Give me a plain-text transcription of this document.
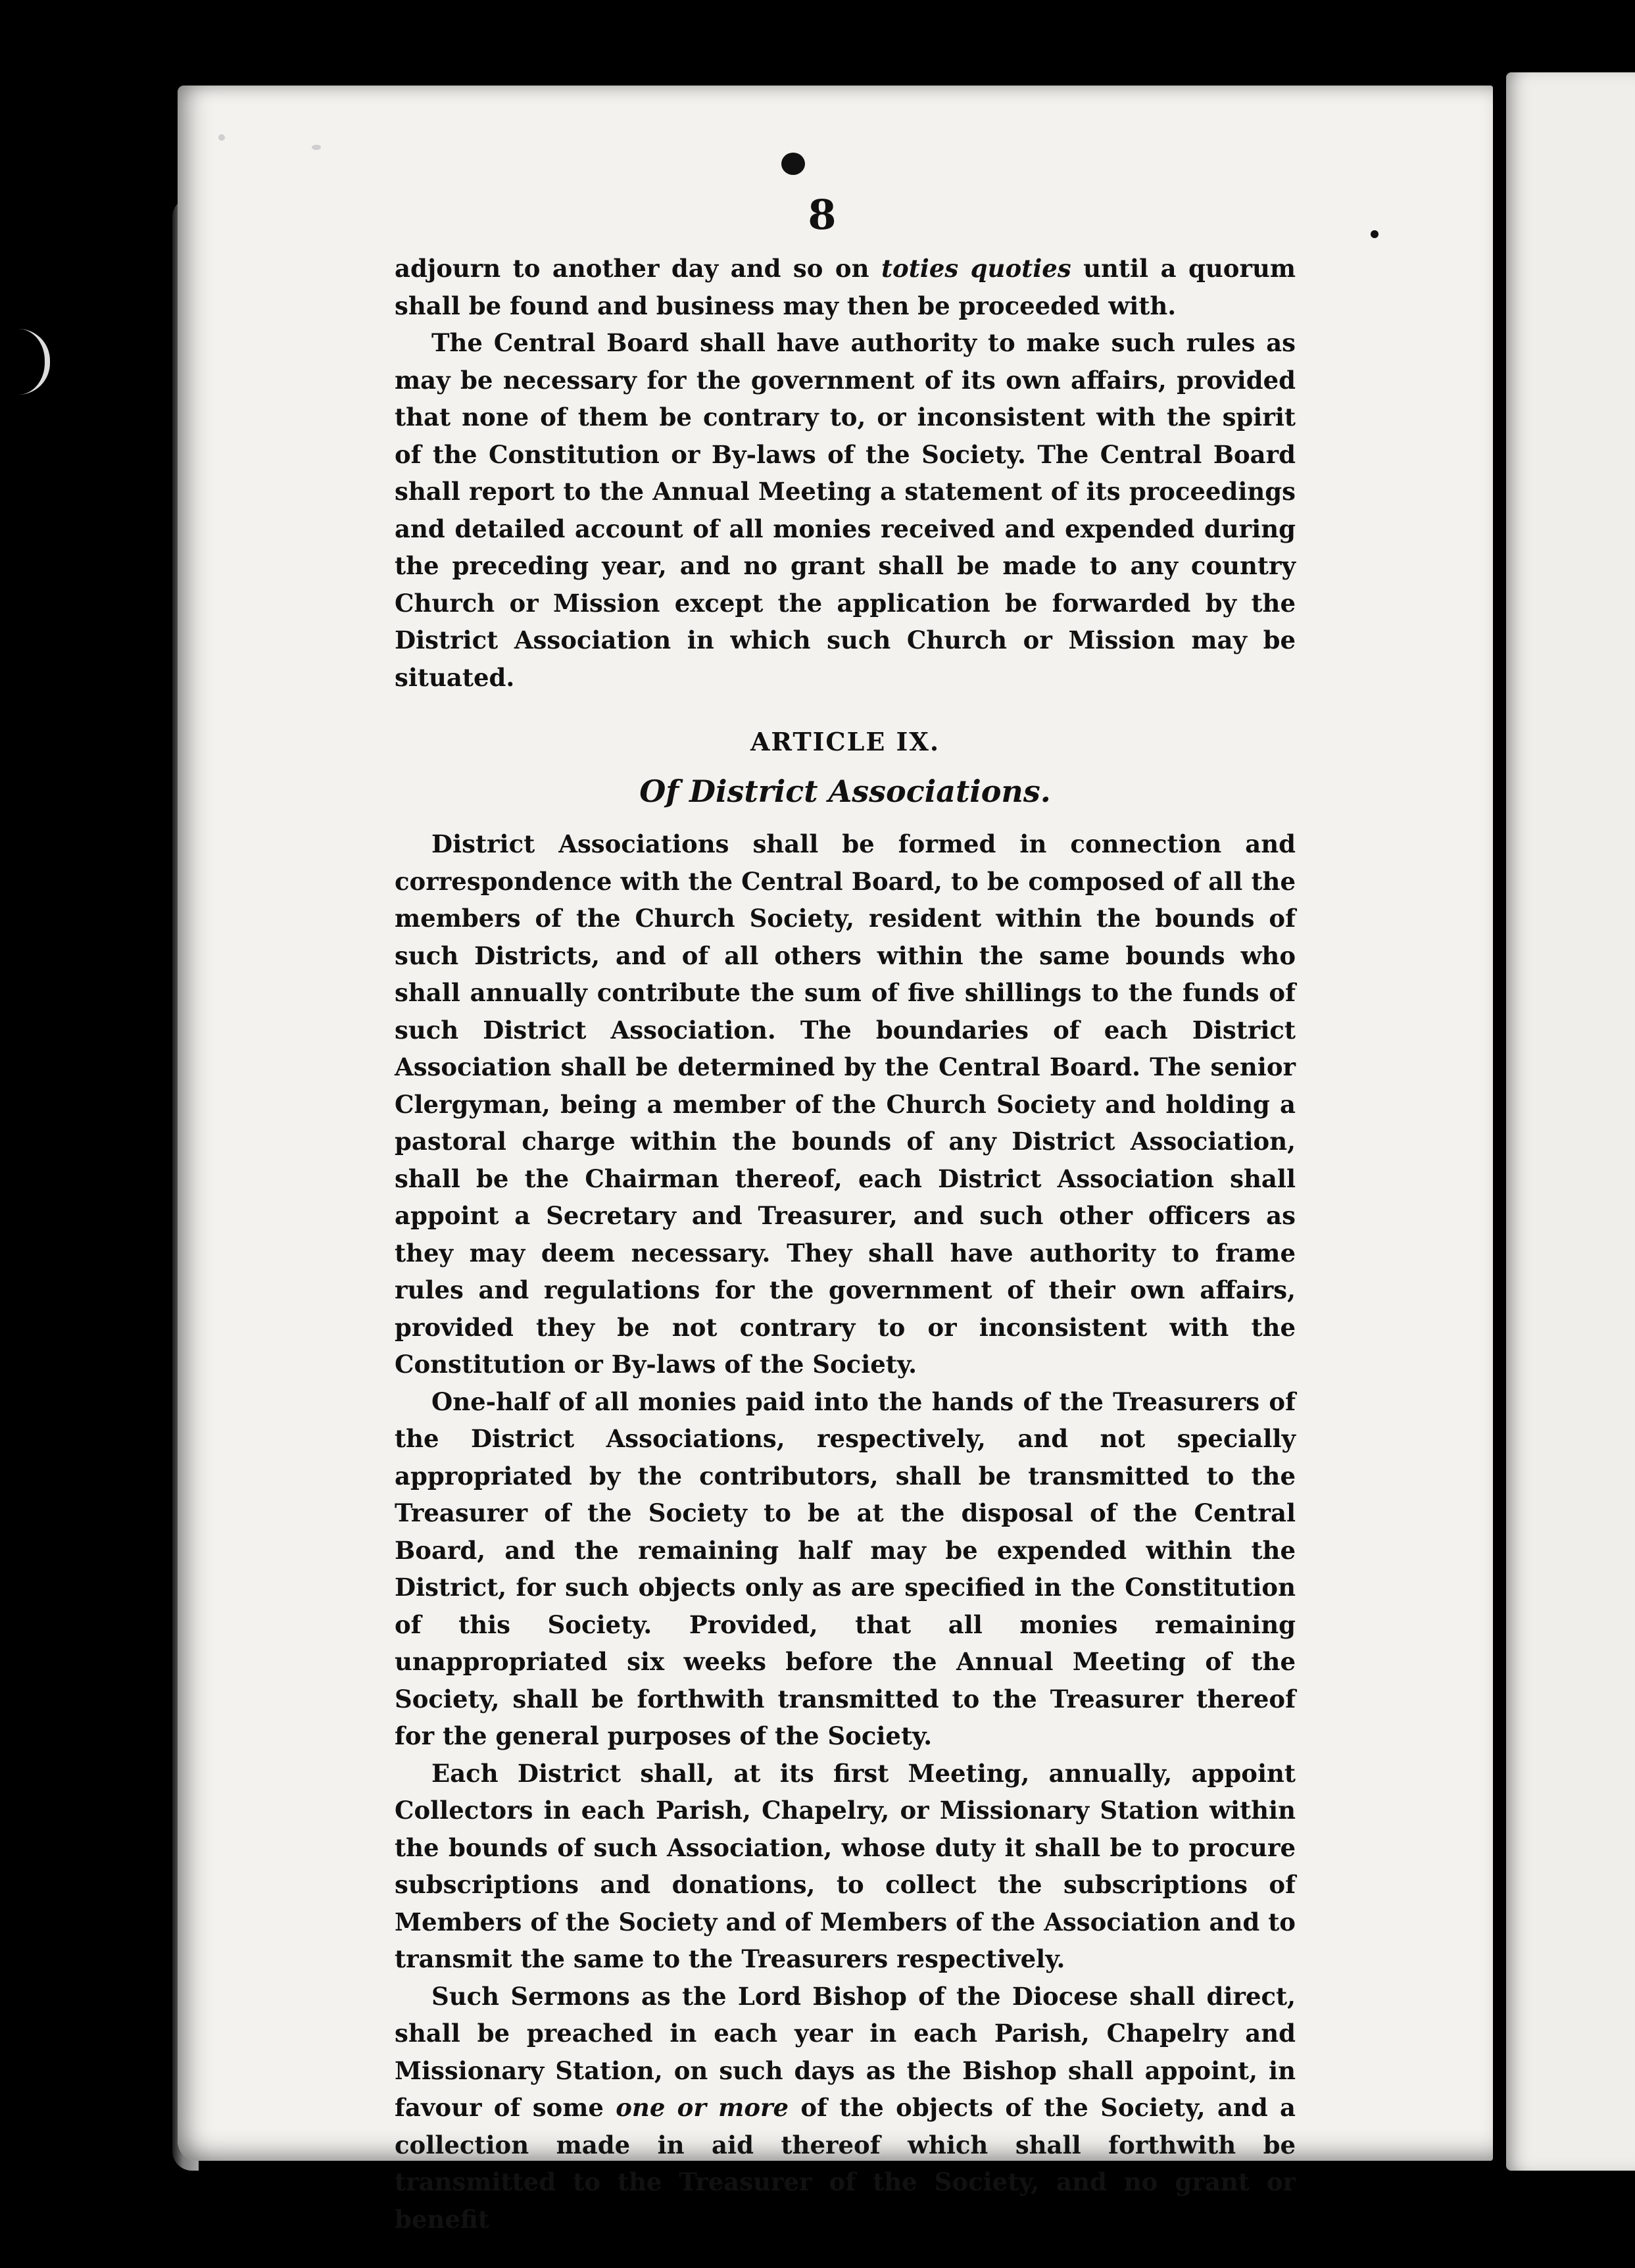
8

adjourn to another day and so on toties quoties until a quorum shall be found and business may then be proceeded with.

The Central Board shall have authority to make such rules as may be necessary for the government of its own affairs, provided that none of them be contrary to, or inconsistent with the spirit of the Constitution or By-laws of the Society. The Central Board shall report to the Annual Meeting a statement of its proceedings and detailed account of all monies received and expended during the preceding year, and no grant shall be made to any country Church or Mission except the application be forwarded by the District Association in which such Church or Mission may be situated.

ARTICLE IX.

Of District Associations.

District Associations shall be formed in connection and correspondence with the Central Board, to be composed of all the members of the Church Society, resident within the bounds of such Districts, and of all others within the same bounds who shall annually contribute the sum of five shillings to the funds of such District Association. The boundaries of each District Association shall be determined by the Central Board. The senior Clergyman, being a member of the Church Society and holding a pastoral charge within the bounds of any District Association, shall be the Chairman thereof, each District Association shall appoint a Secretary and Treasurer, and such other officers as they may deem necessary. They shall have authority to frame rules and regulations for the government of their own affairs, provided they be not contrary to or inconsistent with the Constitution or By-laws of the Society.

One-half of all monies paid into the hands of the Treasurers of the District Associations, respectively, and not specially appropriated by the contributors, shall be transmitted to the Treasurer of the Society to be at the disposal of the Central Board, and the remaining half may be expended within the District, for such objects only as are specified in the Constitution of this Society. Provided, that all monies remaining unappropriated six weeks before the Annual Meeting of the Society, shall be forthwith transmitted to the Treasurer thereof for the general purposes of the Society.

Each District shall, at its first Meeting, annually, appoint Collectors in each Parish, Chapelry, or Missionary Station within the bounds of such Association, whose duty it shall be to procure subscriptions and donations, to collect the subscriptions of Members of the Society and of Members of the Association and to transmit the same to the Treasurers respectively.

Such Sermons as the Lord Bishop of the Diocese shall direct, shall be preached in each year in each Parish, Chapelry and Missionary Station, on such days as the Bishop shall appoint, in favour of some one or more of the objects of the Society, and a collection made in aid thereof which shall forthwith be transmitted to the Treasurer of the Society, and no grant or benefit
